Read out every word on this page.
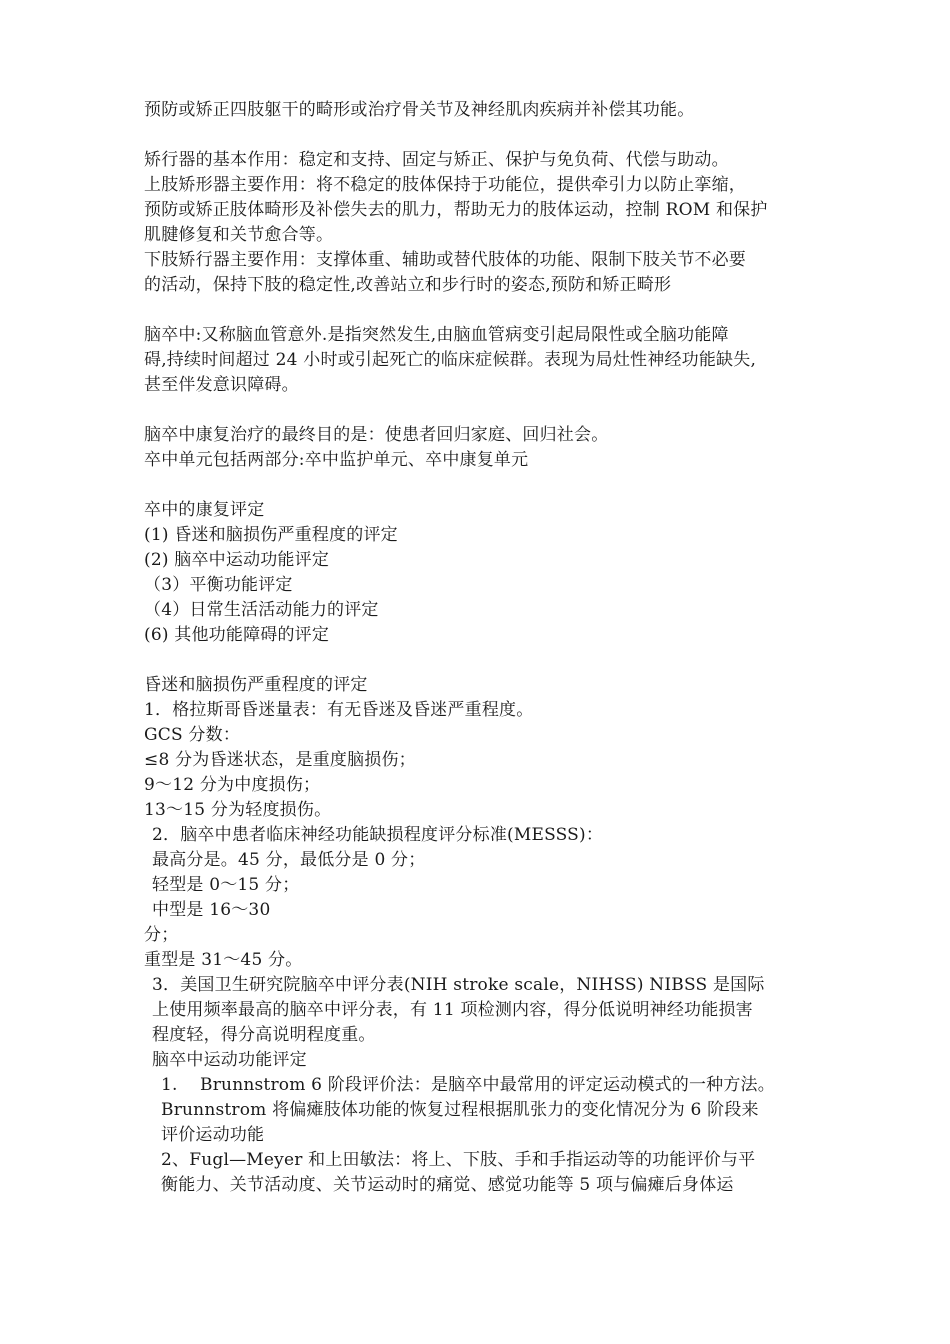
预防或矫正四肢躯干的畸形或治疗骨关节及神经肌肉疾病并补偿其功能。
矫行器的基本作用：稳定和支持、固定与矫正、保护与免负荷、代偿与助动。
上肢矫形器主要作用：将不稳定的肢体保持于功能位，提供牵引力以防止挛缩，
预防或矫正肢体畸形及补偿失去的肌力，帮助无力的肢体运动，控制 ROM 和保护
肌腱修复和关节愈合等。
下肢矫行器主要作用：支撑体重、辅助或替代肢体的功能、限制下肢关节不必要
的活动，保持下肢的稳定性,改善站立和步行时的姿态,预防和矫正畸形
脑卒中:又称脑血管意外.是指突然发生,由脑血管病变引起局限性或全脑功能障
碍,持续时间超过 24 小时或引起死亡的临床症候群。表现为局灶性神经功能缺失,
甚至伴发意识障碍。
脑卒中康复治疗的最终目的是：使患者回归家庭、回归社会。
卒中单元包括两部分:卒中监护单元、卒中康复单元
卒中的康复评定
(1) 昏迷和脑损伤严重程度的评定
(2) 脑卒中运动功能评定
（3）平衡功能评定
（4）日常生活活动能力的评定
(6) 其他功能障碍的评定
昏迷和脑损伤严重程度的评定
1．格拉斯哥昏迷量表：有无昏迷及昏迷严重程度。
GCS 分数：
≤8 分为昏迷状态，是重度脑损伤；
9～12 分为中度损伤；
13～15 分为轻度损伤。
2．脑卒中患者临床神经功能缺损程度评分标准(MESSS)：
最高分是。45 分，最低分是 0 分；
轻型是 0～15 分；
中型是 16～30
分；
重型是 31～45 分。
3．美国卫生研究院脑卒中评分表(NIH stroke scale，NIHSS) NIBSS 是国际
上使用频率最高的脑卒中评分表，有 11 项检测内容，得分低说明神经功能损害
程度轻，得分高说明程度重。
脑卒中运动功能评定
1.    Brunnstrom 6 阶段评价法：是脑卒中最常用的评定运动模式的一种方法。
Brunnstrom 将偏瘫肢体功能的恢复过程根据肌张力的变化情况分为 6 阶段来
评价运动功能
2、Fugl—Meyer 和上田敏法：将上、下肢、手和手指运动等的功能评价与平
衡能力、关节活动度、关节运动时的痛觉、感觉功能等 5 项与偏瘫后身体运
